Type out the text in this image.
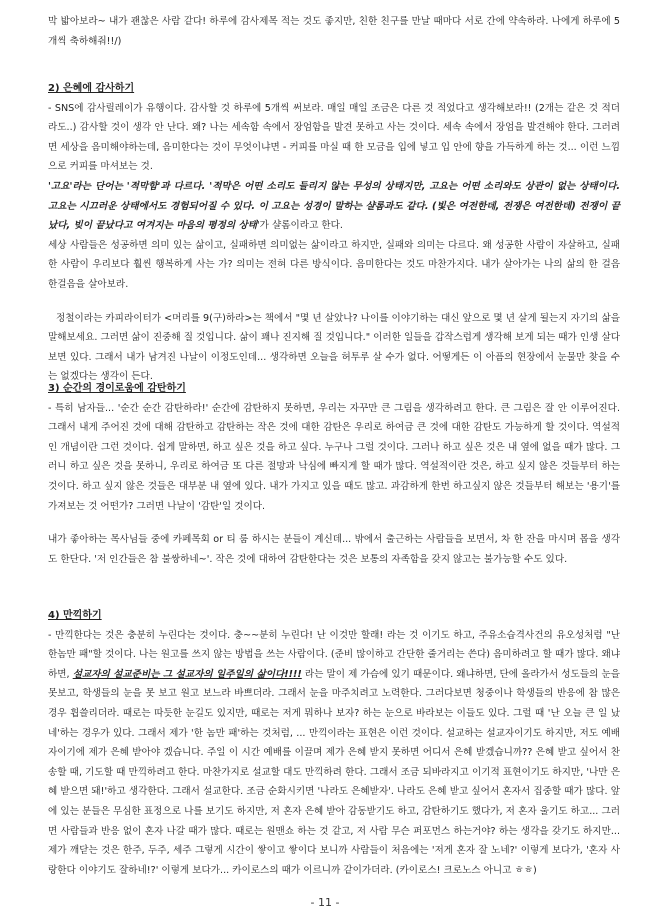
막 밟아보라~ 내가 괜찮은 사람 같다! 하루에 감사제목 적는 것도 좋지만, 친한 친구를 만날 때마다 서로 간에 약속하라. 나에게 하루에 5개씩 축하해줘!!/)

2) 은혜에 감사하기

- SNS에 감사릴레이가 유행이다. 감사할 것 하루에 5개씩 써보라. 매일 매일 조금은 다른 것 적었다고 생각해보라!! (2개는 같은 것 적더라도..) 감사할 것이 생각 안 난다. 왜? 나는 세속함 속에서 장엄함을 발견 못하고 사는 것이다. 세속 속에서 장엄을 발견해야 한다. 그러려면 세상을 음미해야하는데, 음미한다는 것이 무엇이냐면 - 커피를 마실 때 한 모금을 입에 넣고 입 안에 향을 가득하게 하는 것... 이런 느낌으로 커피를 마셔보는 것.

'고요'라는 단어는 '적막함'과 다르다. '적막은 어떤 소리도 들리지 않는 무성의 상태지만, 고요는 어떤 소리와도 상관이 없는 상태이다. 고요는 시끄러운 상태에서도 경험되어질 수 있다. 이 고요는 성경이 말하는 샬롬과도 같다. (빛은 여전한데, 전쟁은 여전한데) 전쟁이 끝났다, 빚이 끝났다고 여겨지는 마음의 평정의 상태'가 샬롬이라고 한다.

세상 사람들은 성공하면 의미 있는 삶이고, 실패하면 의미없는 삶이라고 하지만, 실패와 의미는 다르다. 왜 성공한 사람이 자살하고, 실패한 사람이 우리보다 훨씬 행복하게 사는 가? 의미는 전혀 다른 방식이다. 음미한다는 것도 마찬가지다. 내가 살아가는 나의 삶의 한 걸음 한걸음을 살아보라.

정철이라는 카피라이터가 <머리를 9(구)하라>는 책에서 "몇 년 살았나? 나이를 이야기하는 대신 앞으로 몇 년 살게 될는지 자기의 삶을 말해보세요. 그러면 삶이 진중해 질 것입니다. 삶이 꽤나 진지해 질 것입니다." 이러한 일들을 갑작스럽게 생각해 보게 되는 때가 인생 살다보면 있다. 그래서 내가 남겨진 나날이 이정도인데... 생각하면 오늘을 허투루 살 수가 없다. 어떻게든 이 아픔의 현장에서 눈물만 찾을 수는 없겠다는 생각이 든다.

3) 순간의 경이로움에 감탄하기

- 특히 남자들... '순간 순간 감탄하라!' 순간에 감탄하지 못하면, 우리는 자꾸만 큰 그림을 생각하려고 한다. 큰 그림은 잘 안 이루어진다. 그래서 내게 주어진 것에 대해 감탄하고 감탄하는 작은 것에 대한 감탄은 우리로 하여금 큰 것에 대한 감탄도 가능하게 할 것이다. 역설적인 개념이란 그런 것이다. 쉽게 말하면, 하고 싶은 것을 하고 싶다. 누구나 그럴 것이다. 그러나 하고 싶은 것은 내 옆에 없을 때가 많다. 그러니 하고 싶은 것을 못하니, 우리로 하여금 또 다른 절망과 낙심에 빠지게 할 때가 많다. 역설적이란 것은, 하고 싶지 않은 것들부터 하는 것이다. 하고 싶지 않은 것들은 대부분 내 옆에 있다. 내가 가지고 있을 때도 많고. 과감하게 한번 하고싶지 않은 것들부터 해보는 '용기'를 가져보는 것 어떤가? 그러면 나날이 '감탄'일 것이다.

내가 좋아하는 목사님들 중에 카페목회 or 티 룸 하시는 분들이 계신데... 밖에서 출근하는 사람들을 보면서, 차 한 잔을 마시며 몹을 생각도 한단다. '저 인간들은 참 불쌍하네~'. 작은 것에 대하여 감탄한다는 것은 보통의 자족함을 갖지 않고는 불가능할 수도 있다.

4) 만끽하기

- 만끽한다는 것은 충분히 누린다는 것이다. 충~~분히 누린다! 난 이것만 할래! 라는 것 이기도 하고, 주유소습격사건의 유오성처럼 "난 한놈만 패"할 것이다. 나는 원고를 쓰지 않는 방법을 쓰는 사람이다. (준비 많이하고 간단한 줄거리는 쓴다) 음미하려고 할 때가 많다. 왜냐하면, 설교자의 설교준비는 그 설교자의 일주일의 삶이다!!!! 라는 말이 제 가슴에 있기 때문이다. 왜냐하면, 단에 올라가서 성도들의 눈을 못보고, 학생들의 눈을 못 보고 원고 보느라 바쁘더라. 그래서 눈을 마주치려고 노력한다. 그러다보면 청중이나 학생들의 반응에 참 많은 경우 휩쓸리더라. 때로는 따듯한 눈길도 있지만, 때로는 저게 뭐하나 보자? 하는 눈으로 바라보는 이들도 있다. 그럴 때 '난 오늘 큰 일 났네'하는 경우가 있다. 그래서 제가 '한 놈만 패'하는 것처럼, ... 만끽이라는 표현은 이런 것이다. 설교하는 설교자이기도 하지만, 저도 예배자이기에 제가 은혜 받아야 겠습니다. 주일 이 시간 예배를 이끌며 제가 은혜 받지 못하면 어디서 은혜 받겠습니까?? 은혜 받고 싶어서 찬송할 때, 기도할 때 만끽하려고 한다. 마찬가지로 설교할 대도 만끽하려 한다. 그래서 조금 되바라지고 이기적 표현이기도 하지만, '나만 은혜 받으면 돼!'하고 생각한다. 그래서 설교한다. 조금 순화시키면 '나라도 은혜받자'. 나라도 은혜 받고 싶어서 혼자서 집중할 때가 많다. 앞에 있는 분들은 무심한 표정으로 나를 보기도 하지만, 저 혼자 은혜 받아 감동받기도 하고, 감탄하기도 했다가, 저 혼자 울기도 하고... 그러면 사람들과 반응 없이 혼자 나갈 때가 많다. 때로는 원맨쇼 하는 것 같고, 저 사람 무슨 퍼포먼스 하는거야? 하는 생각을 갖기도 하지만... 제가 깨닫는 것은 한주, 두주, 세주 그렇게 시간이 쌓이고 쌓이다 보니까 사람들이 처음에는 '저게 혼자 잘 노네?' 이렇게 보다가, '혼자 사랑한다 이야기도 잘하네!?' 이렇게 보다가... 카이로스의 때가 이르니까 같이가더라. (카이로스! 크로노스 아니고 ㅎㅎ)

- 11 -
